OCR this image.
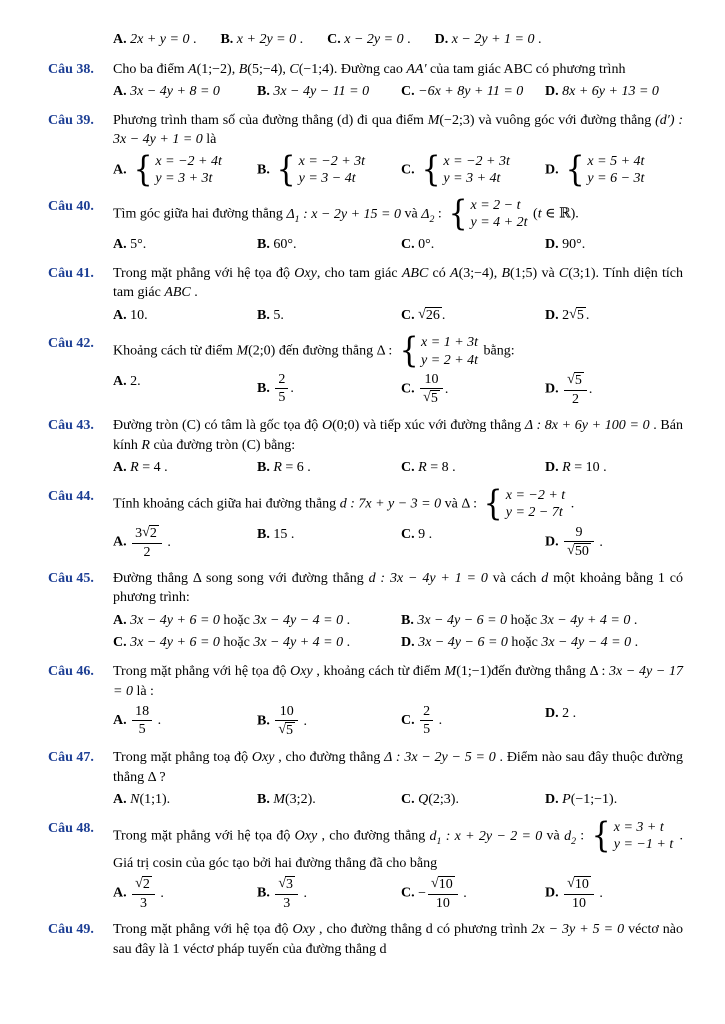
A. 2x + y = 0 . B. x + 2y = 0 . C. x − 2y = 0 . D. x − 2y + 1 = 0 .
Câu 38.	Cho ba điểm A(1;−2), B(5;−4), C(−1;4). Đường cao AA′ của tam giác ABC có phương trình
A. 3x − 4y + 8 = 0	B. 3x − 4y − 11 = 0	C. −6x + 8y + 11 = 0	D. 8x + 6y + 13 = 0
Câu 39.	Phương trình tham số của đường thẳng (d) đi qua điểm M(−2;3) và vuông góc với đường thẳng (d′) : 3x − 4y + 1 = 0 là
A. { x = −2 + 4t
y = 3 + 3t
B. { x = −2 + 3t
y = 3 − 4t
C. { x = −2 + 3t
y = 3 + 4t
D. { x = 5 + 4t
y = 6 − 3t
Câu 40.
Tìm góc giữa hai đường thẳng $\Delta_1$ : x − 2y + 15 = 0 và $\Delta_2$ : { x = 2 − t
y = 4 + 2t
(t ∈ ℝ).
A. 5°.	B. 60°.	C. 0°.	D. 90°.
Câu 41.	Trong mặt phẳng với hệ tọa độ Oxy, cho tam giác ABC có A(3;−4), B(1;5) và C(3;1). Tính diện tích tam giác ABC .
A. 10.	B. 5.	C. √26 .	D. 2√5 .
Câu 42.
Khoảng cách từ điểm M(2;0) đến đường thẳng Δ : { x = 1 + 3t
y = 2 + 4t
bằng:
A. 2.	B. $\frac{2}{5}$ .	C. $\frac{10}{√5}$ .	D. $\frac{√5}{2}$ .
Câu 43.	Đường tròn (C) có tâm là gốc tọa độ O(0;0) và tiếp xúc với đường thẳng Δ : 8x + 6y + 100 = 0 . Bán kính R của đường tròn (C) bằng:
A. R = 4 .	B. R = 6 .	C. R = 8 .	D. R = 10 .
Câu 44.
Tính khoảng cách giữa hai đường thẳng d : 7x + y − 3 = 0 và Δ : { x = −2 + t
y = 2 − 7t
.
A. $\frac{3√2}{2}$ .
B. 15 .	C. 9 .
D. $\frac{9}{√50}$ .
Câu 45.	Đường thẳng Δ song song với đường thẳng d : 3x − 4y + 1 = 0 và cách d một khoảng bằng 1 có phương trình:
A. 3x − 4y + 6 = 0 hoặc 3x − 4y − 4 = 0 .	B. 3x − 4y − 6 = 0 hoặc 3x − 4y + 4 = 0 .
C. 3x − 4y + 6 = 0 hoặc 3x − 4y + 4 = 0 .	D. 3x − 4y − 6 = 0 hoặc 3x − 4y − 4 = 0 .
Câu 46.	Trong mặt phẳng với hệ tọa độ Oxy , khoảng cách từ điểm M(1;−1)đến đường thẳng Δ : 3x − 4y − 17 = 0 là :
A. $\frac{18}{5}$ .	B. $\frac{10}{√5}$ .	C. $\frac{2}{5}$ .	D. 2 .
Câu 47.	Trong mặt phẳng toạ độ Oxy , cho đường thẳng Δ : 3x − 2y − 5 = 0 . Điểm nào sau đây thuộc đường thẳng Δ ?
A. N(1;1).	B. M(3;2).	C. Q(2;3).	D. P(−1;−1).
Câu 48.
Trong mặt phẳng với hệ tọa độ Oxy , cho đường thẳng $d_1$ : x + 2y − 2 = 0 và $d_2$ : { x = 3 + t
y = −1 + t
. Giá trị cosin của góc tạo bởi hai đường thẳng đã cho bằng
A. $\frac{√2}{3}$ .	B. $\frac{√3}{3}$ .	C. − $\frac{√10}{10}$ .	D. $\frac{√10}{10}$ .
Câu 49.	Trong mặt phẳng với hệ tọa độ Oxy , cho đường thẳng d có phương trình 2x − 3y + 5 = 0 véctơ nào sau đây là 1 véctơ pháp tuyến của đường thẳng d
